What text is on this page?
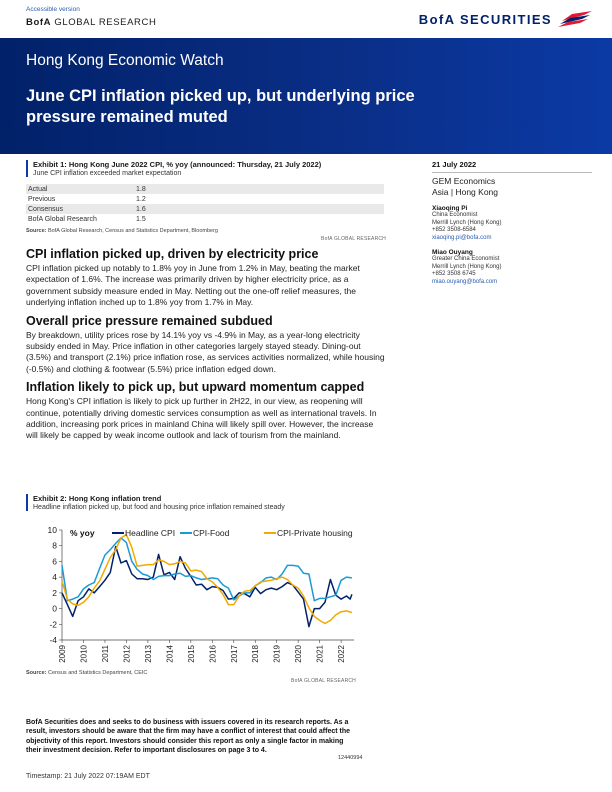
Accessible version
BofA GLOBAL RESEARCH	BofA SECURITIES
Hong Kong Economic Watch
June CPI inflation picked up, but underlying price pressure remained muted
Exhibit 1: Hong Kong June 2022 CPI, % yoy (announced: Thursday, 21 July 2022)
June CPI inflation exceeded market expectation
Actual	1.8
Previous	1.2
Consensus	1.6
BofA Global Research	1.5
Source: BofA Global Research, Census and Statistics Department, Bloomberg
BofA GLOBAL RESEARCH
CPI inflation picked up, driven by electricity price

CPI inflation picked up notably to 1.8% yoy in June from 1.2% in May, beating the market expectation of 1.6%. The increase was primarily driven by higher electricity price, as a government subsidy measure ended in May. Netting out the one-off relief measures, the underlying inflation inched up to 1.8% yoy from 1.7% in May.

Overall price pressure remained subdued

By breakdown, utility prices rose by 14.1% yoy vs -4.9% in May, as a year-long electricity subsidy ended in May. Price inflation in other categories largely stayed steady. Dining-out (3.5%) and transport (2.1%) price inflation rose, as services activities normalized, while housing (-0.5%) and clothing & footwear (5.5%) price inflation edged down.

Inflation likely to pick up, but upward momentum capped

Hong Kong's CPI inflation is likely to pick up further in 2H22, in our view, as reopening will continue, potentially driving domestic services consumption as well as international travels. In addition, increasing pork prices in mainland China will likely spill over. However, the increase will likely be capped by weak income outlook and lack of tourism from the mainland.

21 July 2022
GEM Economics
Asia | Hong Kong
Xiaoqing Pi
China Economist
Merrill Lynch (Hong Kong)
+852 3508-6584
xiaoqing.pi@bofa.com
Miao Ouyang
Greater China Economist
Merrill Lynch (Hong Kong)
+852 3508 6745
miao.ouyang@bofa.com
Exhibit 2: Hong Kong inflation trend
Headline inflation picked up, but food and housing price inflation remained steady
10
8
6
4
2
0
-2
-4
2009 2010 2011 2012 2013 2014 2015 2016 2017 2018 2019 2020 2021 2022
% yoy	Headline CPI CPI-Food	CPI-Private housing
Source: Census and Statistics Department, CEIC
BofA GLOBAL RESEARCH
BofA Securities does and seeks to do business with issuers covered in its research reports. As a result, investors should be aware that the firm may have a conflict of interest that could affect the objectivity of this report. Investors should consider this report as only a single factor in making their investment decision. Refer to important disclosures on page 3 to 4.
12440994
Timestamp: 21 July 2022 07:19AM EDT
